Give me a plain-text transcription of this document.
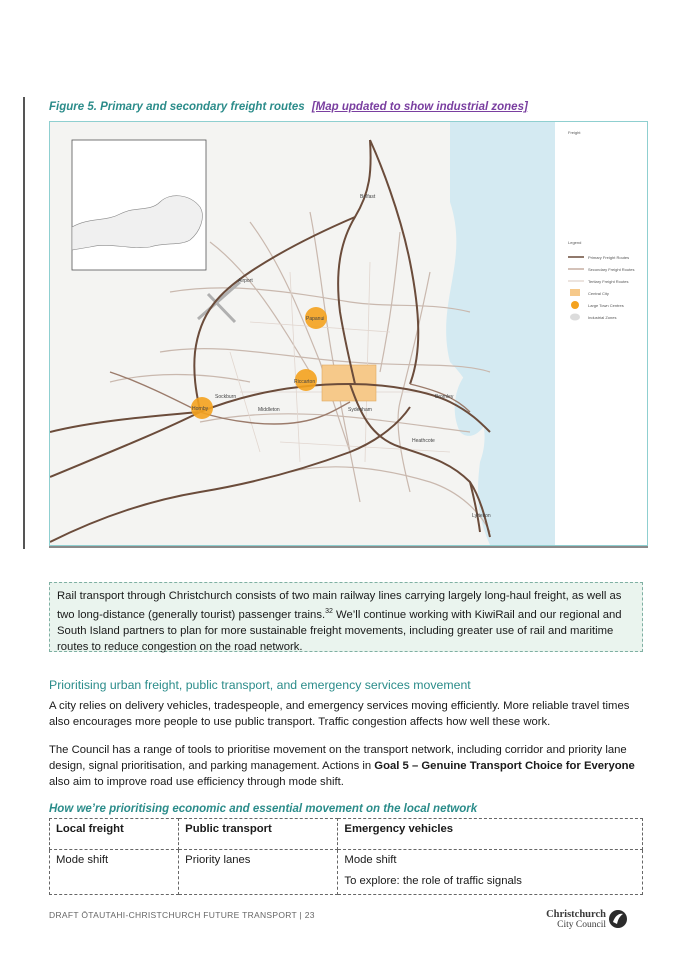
Figure 5. Primary and secondary freight routes [Map updated to show industrial zones]
Belfast
Airport
Papanui
Riccarton
Sockburn
Hornby	Middleton	Sydenham
Bromley
Heathcote
Lyttelton
Freight
Legend
Primary Freight Routes
Secondary Freight Routes
Tertiary Freight Routes
Central City
Large Town Centres
Industrial Zones
Rail transport through Christchurch consists of two main railway lines carrying largely long-haul freight, as well as two long-distance (generally tourist) passenger trains.$^{32}$ We’ll continue working with KiwiRail and our regional and South Island partners to plan for more sustainable freight movements, including greater use of rail and maritime routes to reduce congestion on the road network.
Prioritising urban freight, public transport, and emergency services movement
A city relies on delivery vehicles, tradespeople, and emergency services moving efficiently. More reliable travel times also encourages more people to use public transport. Traffic congestion affects how well these work.
The Council has a range of tools to prioritise movement on the transport network, including corridor and priority lane design, signal prioritisation, and parking management. Actions in Goal 5 – Genuine Transport Choice for Everyone also aim to improve road use efficiency through mode shift.
How we’re prioritising economic and essential movement on the local network
Local freight	Public transport	Emergency vehicles
Mode shift	Priority lanes	Mode shift
To explore: the role of traffic signals
DRAFT ŌTAUTAHI-CHRISTCHURCH FUTURE TRANSPORT | 23	Christchurch
City Council
